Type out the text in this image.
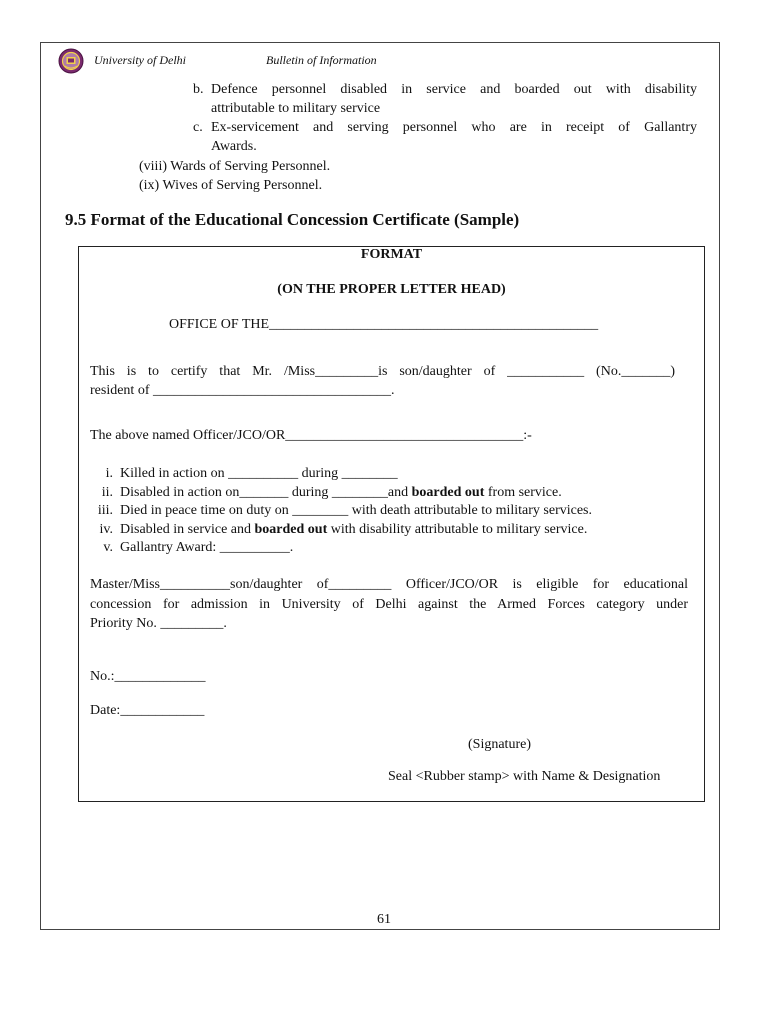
University of Delhi	Bulletin of Information
b. Defence personnel disabled in service and boarded out with disability
attributable to military service
c. Ex-servicement and serving personnel who are in receipt of Gallantry
Awards.
(viii) Wards of Serving Personnel.
(ix) Wives of Serving Personnel.
9.5 Format of the Educational Concession Certificate (Sample)
FORMAT
(ON THE PROPER LETTER HEAD)
OFFICE OF THE_______________________________________________
This is to certify that Mr. /Miss_________is son/daughter of ___________ (No._______)
resident of __________________________________.
The above named Officer/JCO/OR__________________________________:-
i. Killed in action on __________ during ________
ii. Disabled in action on_______ during ________and boarded out from service.
iii. Died in peace time on duty on ________ with death attributable to military services.
iv. Disabled in service and boarded out with disability attributable to military service.
v. Gallantry Award: __________.
Master/Miss__________son/daughter of_________ Officer/JCO/OR is eligible for educational
concession for admission in University of Delhi against the Armed Forces category under
Priority No. _________.
No.:_____________
Date:____________
(Signature)
Seal <Rubber stamp> with Name & Designation
61
